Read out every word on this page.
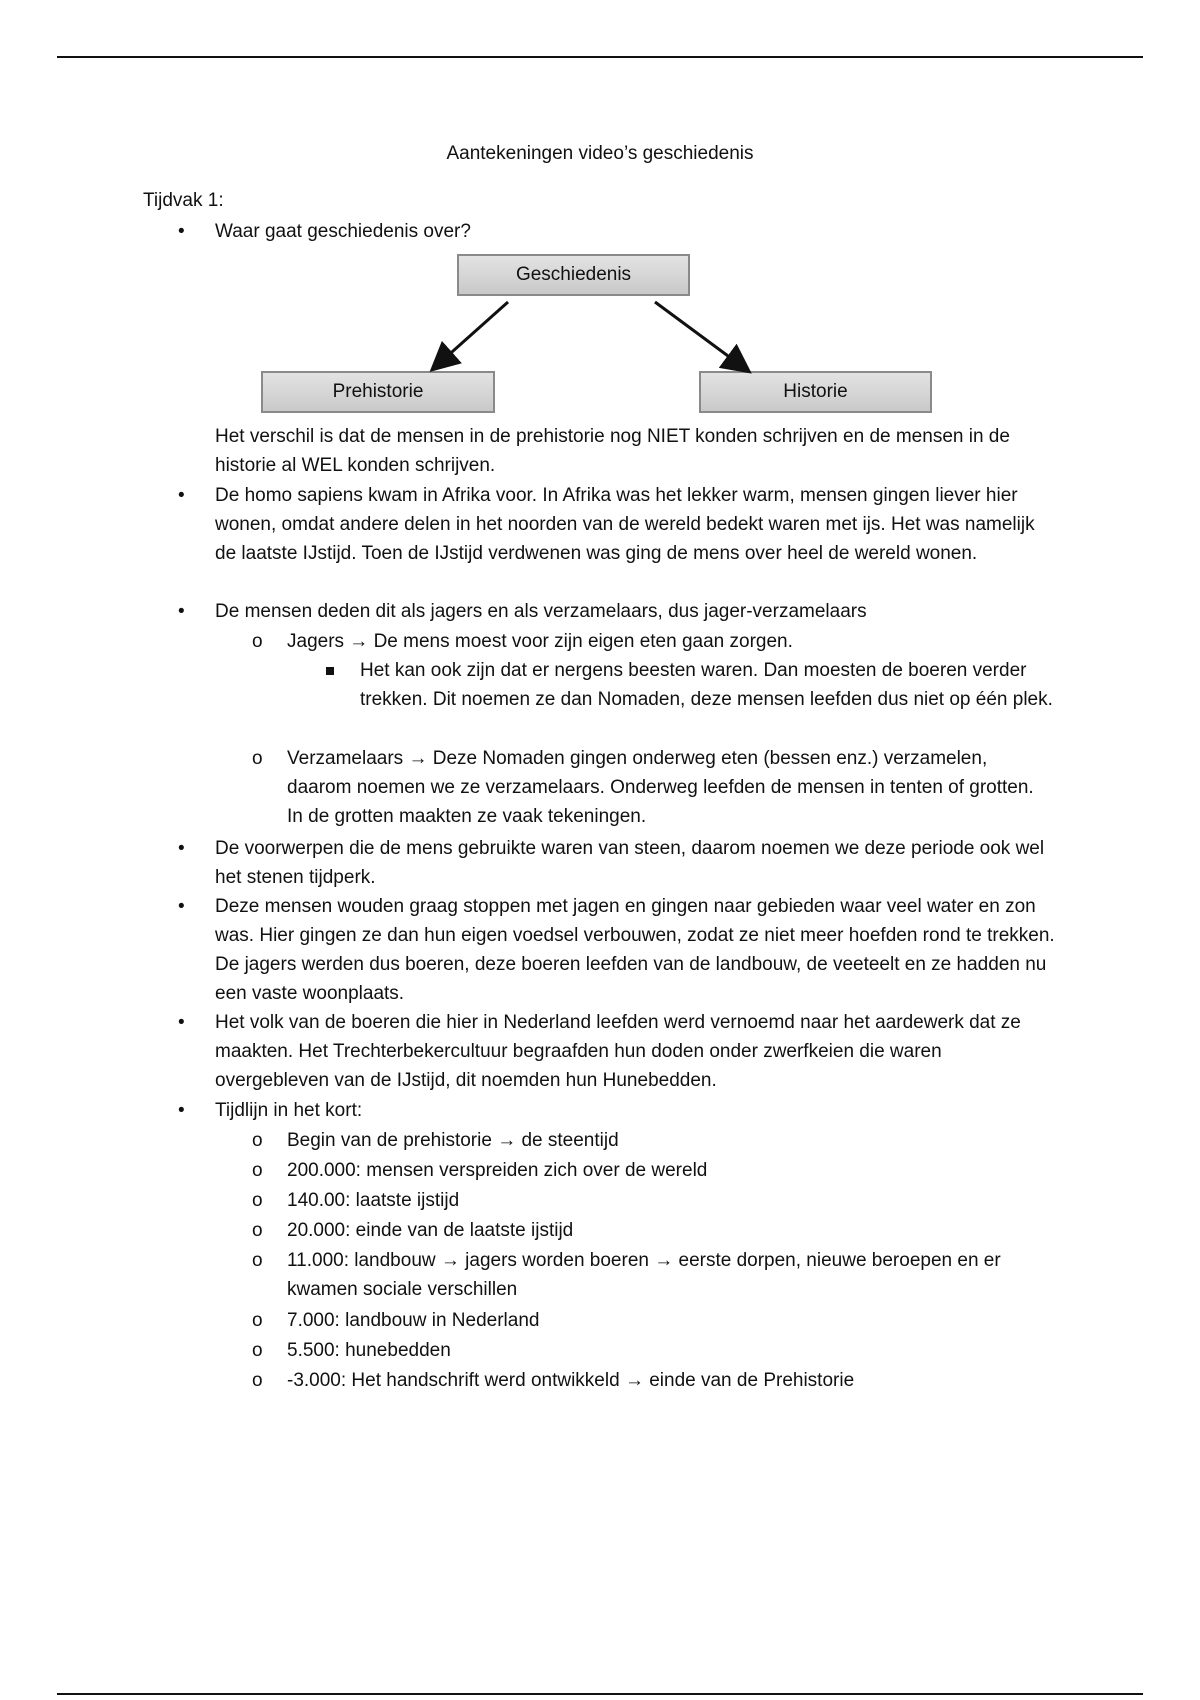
Aantekeningen video’s geschiedenis
Tijdvak 1:
•	Waar gaat geschiedenis over?
Geschiedenis
Prehistorie	Historie
Het verschil is dat de mensen in de prehistorie nog NIET konden schrijven en de mensen in de historie al WEL konden schrijven.
•	De homo sapiens kwam in Afrika voor. In Afrika was het lekker warm, mensen gingen liever hier wonen, omdat andere delen in het noorden van de wereld bedekt waren met ijs. Het was namelijk de laatste IJstijd. Toen de IJstijd verdwenen was ging de mens over heel de wereld wonen.
•	De mensen deden dit als jagers en als verzamelaars, dus jager-verzamelaars
o	Jagers → De mens moest voor zijn eigen eten gaan zorgen.
Het kan ook zijn dat er nergens beesten waren. Dan moesten de boeren verder trekken. Dit noemen ze dan Nomaden, deze mensen leefden dus niet op één plek.
o	Verzamelaars → Deze Nomaden gingen onderweg eten (bessen enz.) verzamelen, daarom noemen we ze verzamelaars. Onderweg leefden de mensen in tenten of grotten. In de grotten maakten ze vaak tekeningen.
•	De voorwerpen die de mens gebruikte waren van steen, daarom noemen we deze periode ook wel het stenen tijdperk.
•	Deze mensen wouden graag stoppen met jagen en gingen naar gebieden waar veel water en zon was. Hier gingen ze dan hun eigen voedsel verbouwen, zodat ze niet meer hoefden rond te trekken. De jagers werden dus boeren, deze boeren leefden van de landbouw, de veeteelt en ze hadden nu een vaste woonplaats.
•	Het volk van de boeren die hier in Nederland leefden werd vernoemd naar het aardewerk dat ze maakten. Het Trechterbekercultuur begraafden hun doden onder zwerfkeien die waren overgebleven van de IJstijd, dit noemden hun Hunebedden.
•	Tijdlijn in het kort:
o	Begin van de prehistorie → de steentijd
o	200.000: mensen verspreiden zich over de wereld
o	140.00: laatste ijstijd
o	20.000: einde van de laatste ijstijd
o	11.000: landbouw → jagers worden boeren → eerste dorpen, nieuwe beroepen en er kwamen sociale verschillen
o	7.000: landbouw in Nederland
o	5.500: hunebedden
o	-3.000: Het handschrift werd ontwikkeld → einde van de Prehistorie
